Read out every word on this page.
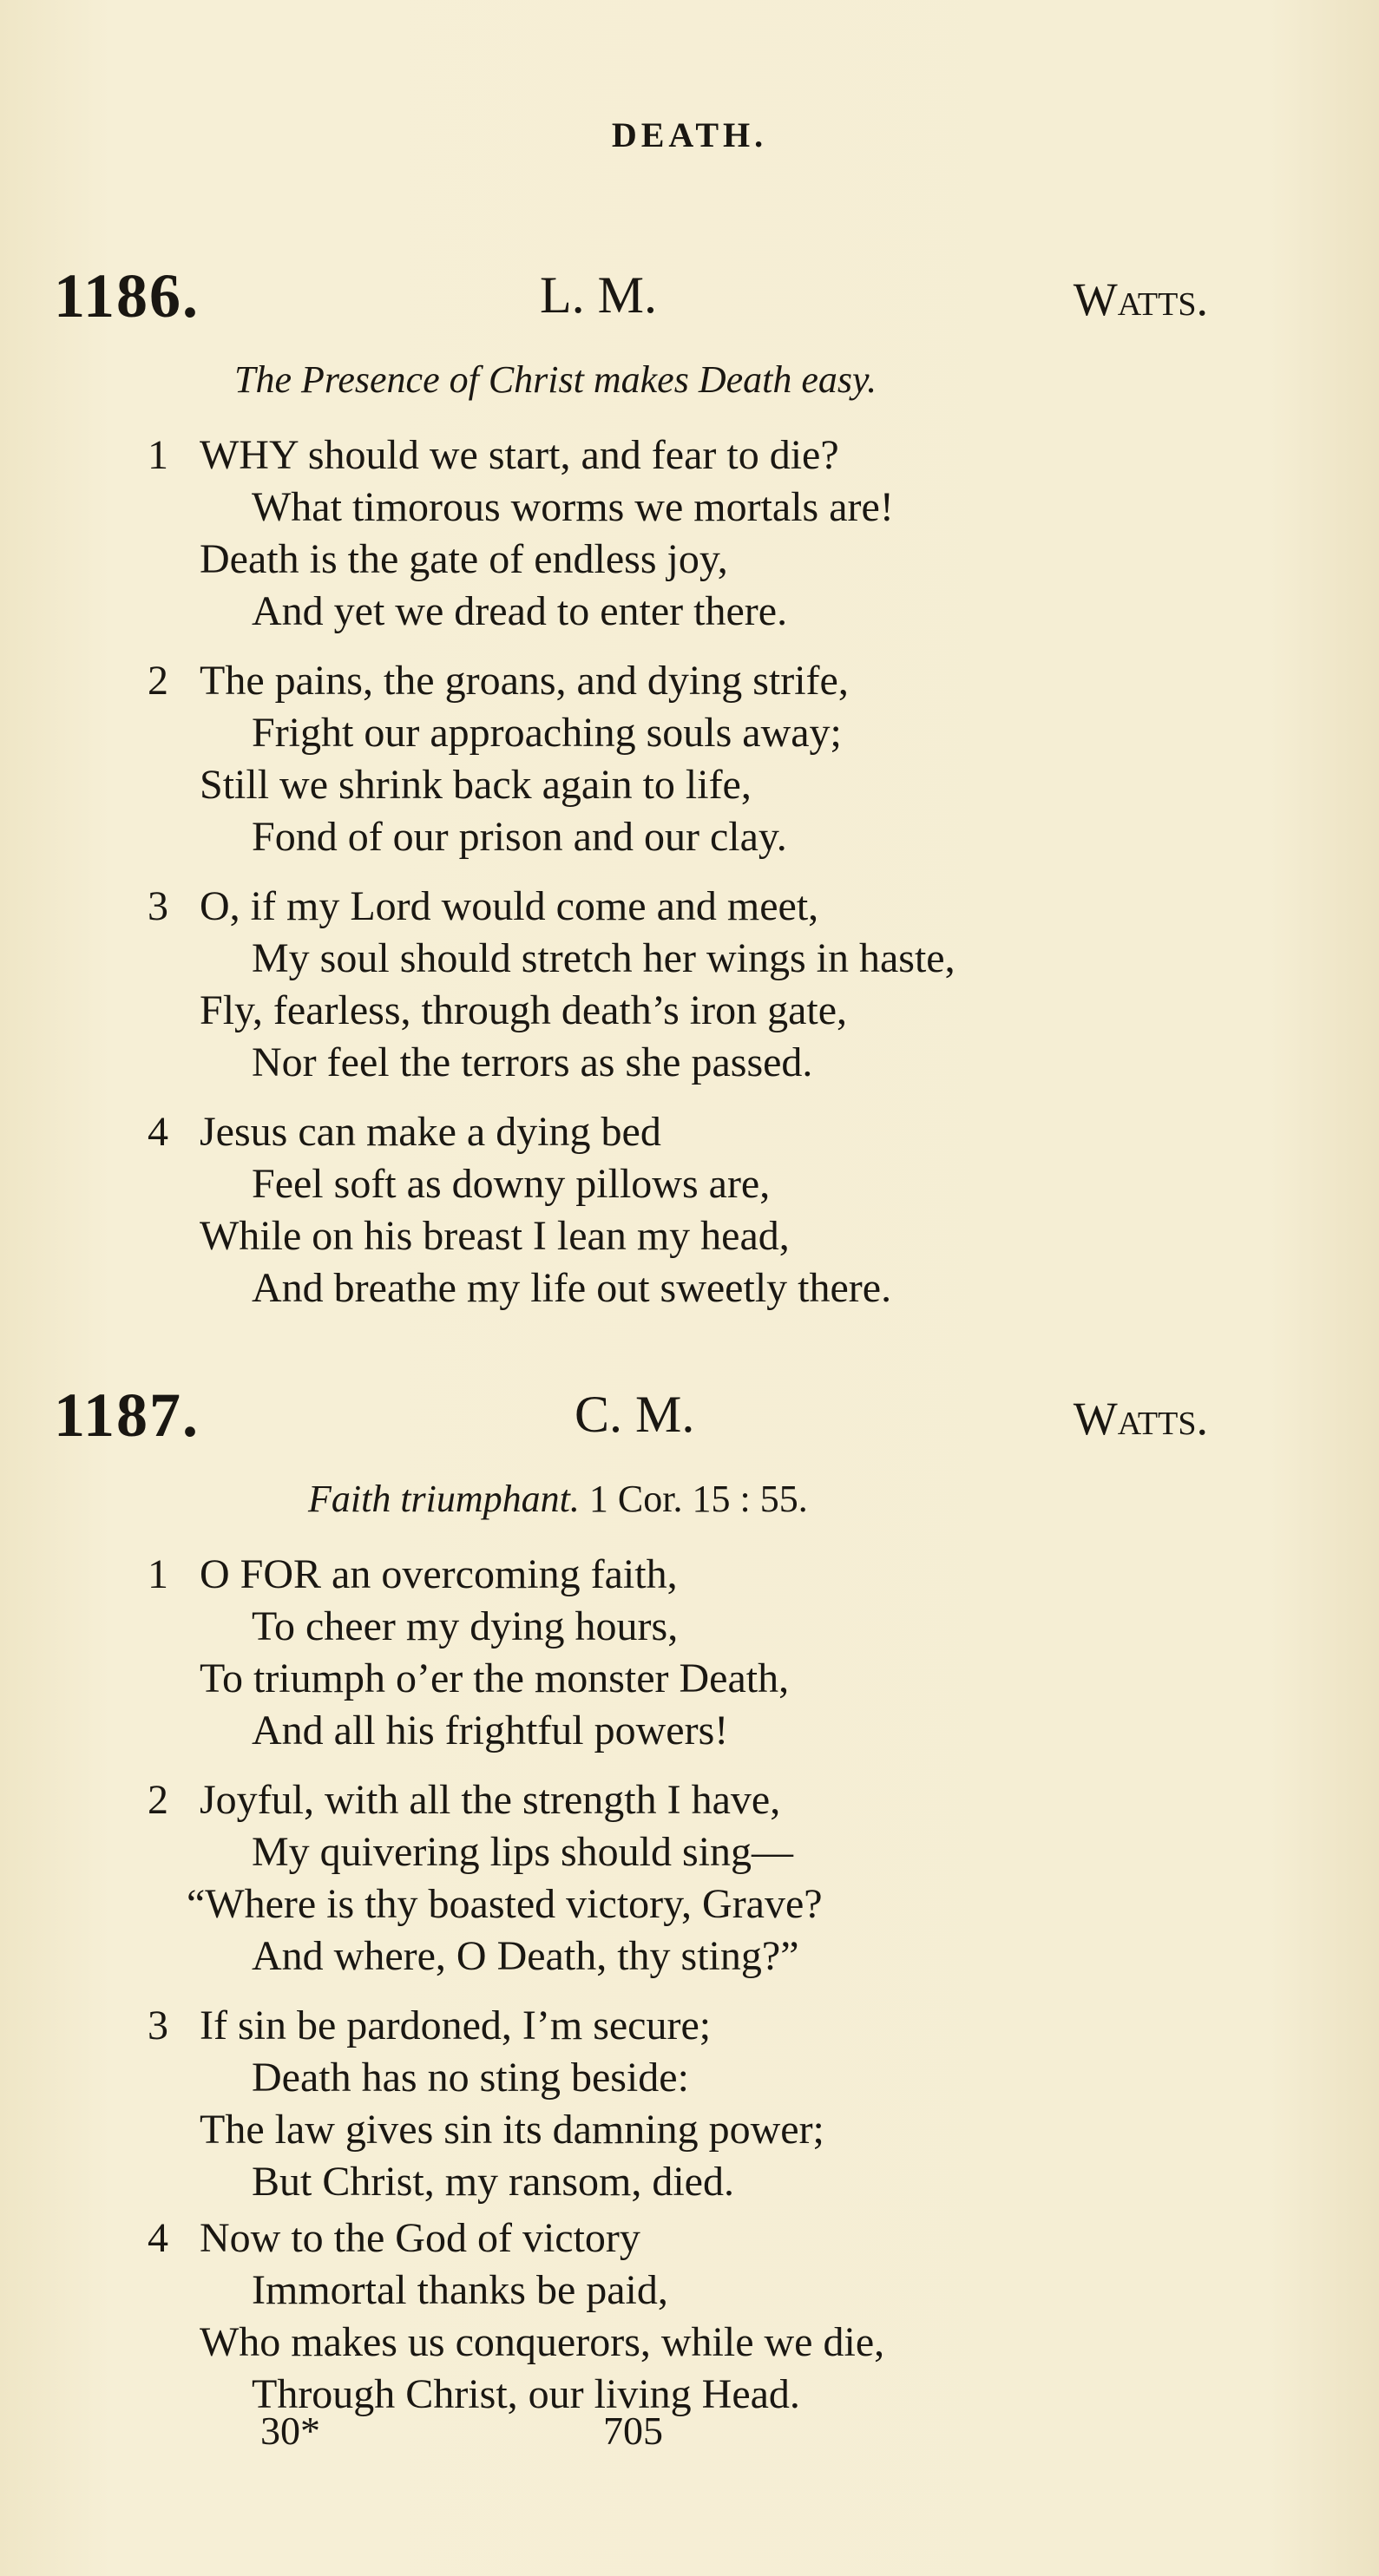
DEATH.
1186.	L. M.	Watts.
The Presence of Christ makes Death easy.
1 WHY should we start, and fear to die?
What timorous worms we mortals are!
Death is the gate of endless joy,
And yet we dread to enter there.
2 The pains, the groans, and dying strife,
Fright our approaching souls away;
Still we shrink back again to life,
Fond of our prison and our clay.
3 O, if my Lord would come and meet,
My soul should stretch her wings in haste,
Fly, fearless, through death’s iron gate,
Nor feel the terrors as she passed.
4 Jesus can make a dying bed
Feel soft as downy pillows are,
While on his breast I lean my head,
And breathe my life out sweetly there.
1187.	C. M.	Watts.
Faith triumphant. 1 Cor. 15 : 55.
1 O FOR an overcoming faith,
To cheer my dying hours,
To triumph o’er the monster Death,
And all his frightful powers!
2 Joyful, with all the strength I have,
My quivering lips should sing—
“Where is thy boasted victory, Grave?
And where, O Death, thy sting?”
3 If sin be pardoned, I’m secure;
Death has no sting beside:
The law gives sin its damning power;
But Christ, my ransom, died.
4 Now to the God of victory
Immortal thanks be paid,
Who makes us conquerors, while we die,
Through Christ, our living Head.
30*	705
